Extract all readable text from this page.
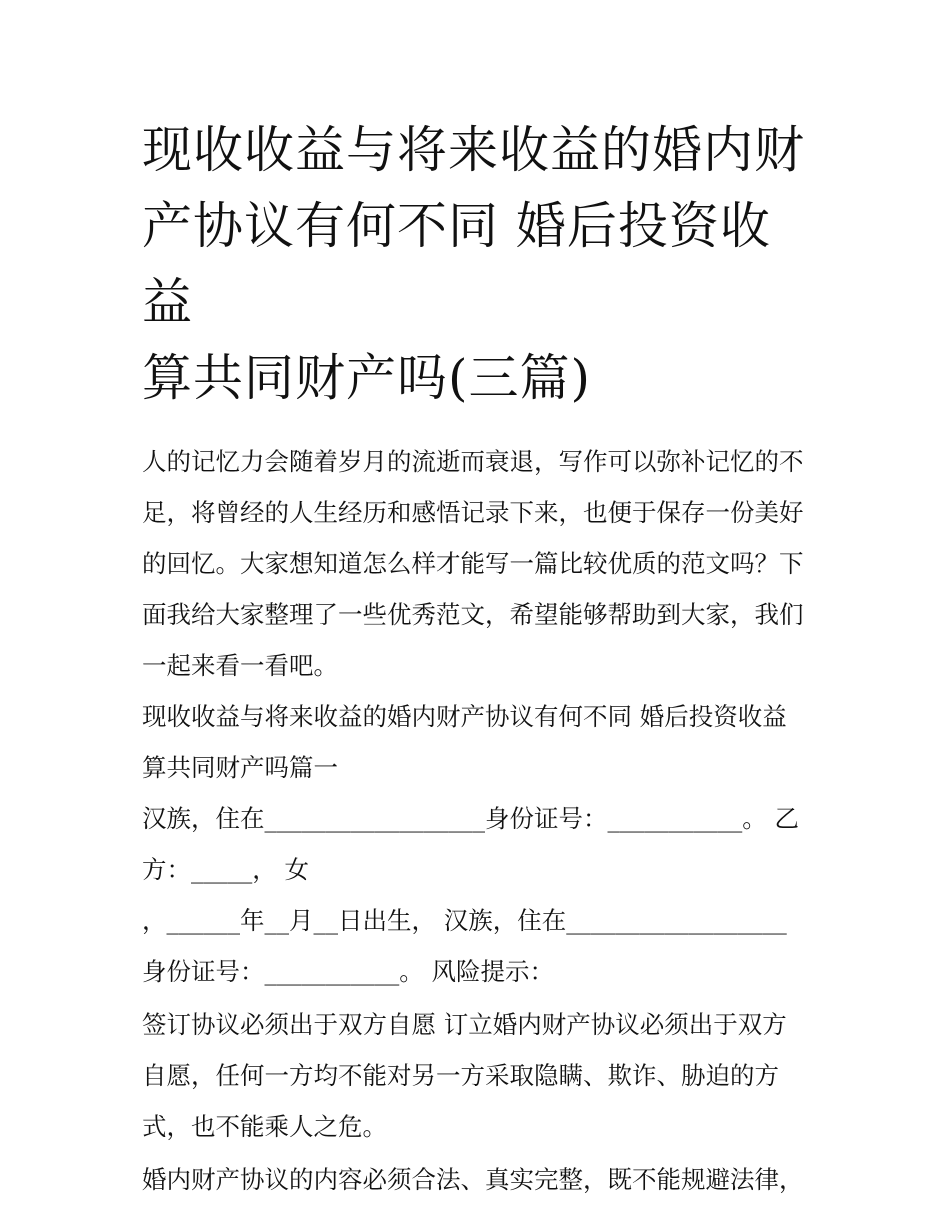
现收收益与将来收益的婚内财
产协议有何不同 婚后投资收益
算共同财产吗(三篇)
人的记忆力会随着岁月的流逝而衰退，写作可以弥补记忆的不
足，将曾经的人生经历和感悟记录下来，也便于保存一份美好
的回忆。大家想知道怎么样才能写一篇比较优质的范文吗？下
面我给大家整理了一些优秀范文，希望能够帮助到大家，我们
一起来看一看吧。
现收收益与将来收益的婚内财产协议有何不同 婚后投资收益
算共同财产吗篇一
汉族，住在__________________身份证号：___________。 乙
方：_____， 女
，______年__月__日出生， 汉族，住在__________________
身份证号：___________。 风险提示：
签订协议必须出于双方自愿 订立婚内财产协议必须出于双方
自愿，任何一方均不能对另一方采取隐瞒、欺诈、胁迫的方
式，也不能乘人之危。
婚内财产协议的内容必须合法、真实完整，既不能规避法律，
